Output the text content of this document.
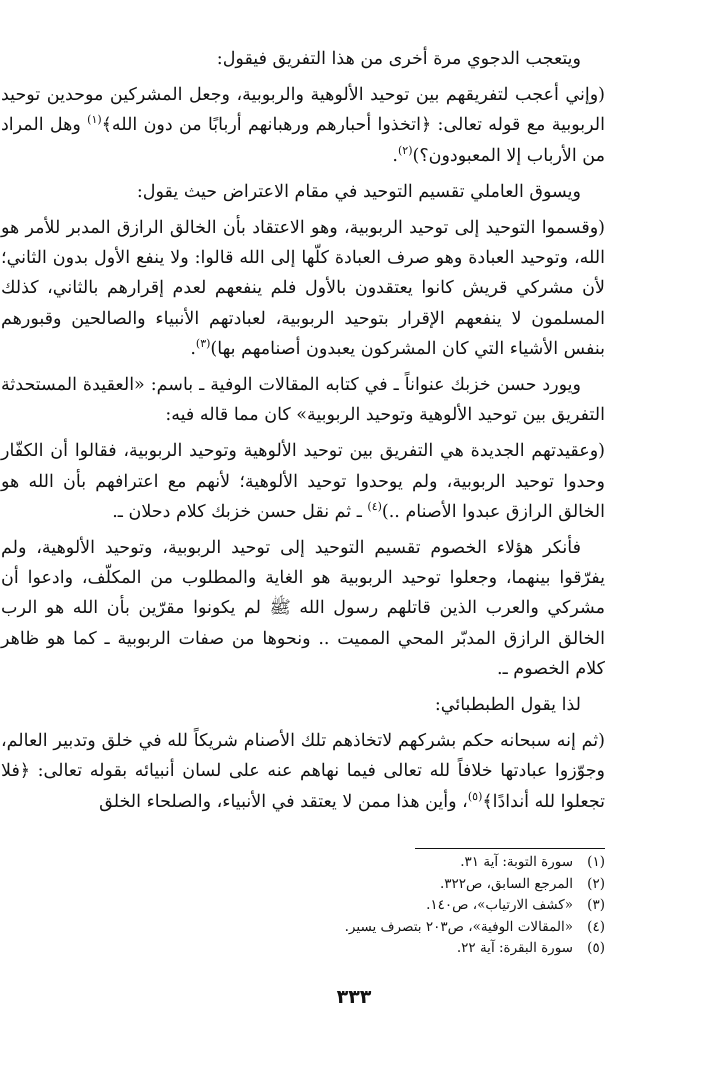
ويتعجب الدجوي مرة أخرى من هذا التفريق فيقول:

(وإني أعجب لتفريقهم بين توحيد الألوهية والربوبية، وجعل المشركين موحدين توحيد الربوبية مع قوله تعالى: ﴿اتخذوا أحبارهم ورهبانهم أربابًا من دون الله﴾$^{(١)}$ وهل المراد من الأرباب إلا المعبودون؟)$^{(٢)}$.

ويسوق العاملي تقسيم التوحيد في مقام الاعتراض حيث يقول:

(وقسموا التوحيد إلى توحيد الربوبية، وهو الاعتقاد بأن الخالق الرازق المدبر للأمر هو الله، وتوحيد العبادة وهو صرف العبادة كلّها إلى الله قالوا: ولا ينفع الأول بدون الثاني؛ لأن مشركي قريش كانوا يعتقدون بالأول فلم ينفعهم لعدم إقرارهم بالثاني، كذلك المسلمون لا ينفعهم الإقرار بتوحيد الربوبية، لعبادتهم الأنبياء والصالحين وقبورهم بنفس الأشياء التي كان المشركون يعبدون أصنامهم بها)$^{(٣)}$.

ويورد حسن خزبك عنواناً ـ في كتابه المقالات الوفية ـ باسم: «العقيدة المستحدثة التفريق بين توحيد الألوهية وتوحيد الربوبية» كان مما قاله فيه:

(وعقيدتهم الجديدة هي التفريق بين توحيد الألوهية وتوحيد الربوبية، فقالوا أن الكفّار وحدوا توحيد الربوبية، ولم يوحدوا توحيد الألوهية؛ لأنهم مع اعترافهم بأن الله هو الخالق الرازق عبدوا الأصنام ..)$^{(٤)}$ ـ ثم نقل حسن خزبك كلام دحلان ـ.

فأنكر هؤلاء الخصوم تقسيم التوحيد إلى توحيد الربوبية، وتوحيد الألوهية، ولم يفرّقوا بينهما، وجعلوا توحيد الربوبية هو الغاية والمطلوب من المكلّف، وادعوا أن مشركي والعرب الذين قاتلهم رسول الله ﷺ لم يكونوا مقرّين بأن الله هو الرب الخالق الرازق المدبّر المحي المميت .. ونحوها من صفات الربوبية ـ كما هو ظاهر كلام الخصوم ـ.

لذا يقول الطبطبائي:

(ثم إنه سبحانه حكم بشركهم لاتخاذهم تلك الأصنام شريكاً لله في خلق وتدبير العالم، وجوّزوا عبادتها خلافاً لله تعالى فيما نهاهم عنه على لسان أنبيائه بقوله تعالى: ﴿فلا تجعلوا لله أندادًا﴾$^{(٥)}$، وأين هذا ممن لا يعتقد في الأنبياء، والصلحاء الخلق

(١)
سورة التوبة: آية ٣١.
(٢)
المرجع السابق، ص٣٢٢.
(٣)
«كشف الارتياب»، ص١٤٠.
(٤)
«المقالات الوفية»، ص٢٠٣ بتصرف يسير.
(٥)
سورة البقرة: آية ٢٢.
٣٣٣
